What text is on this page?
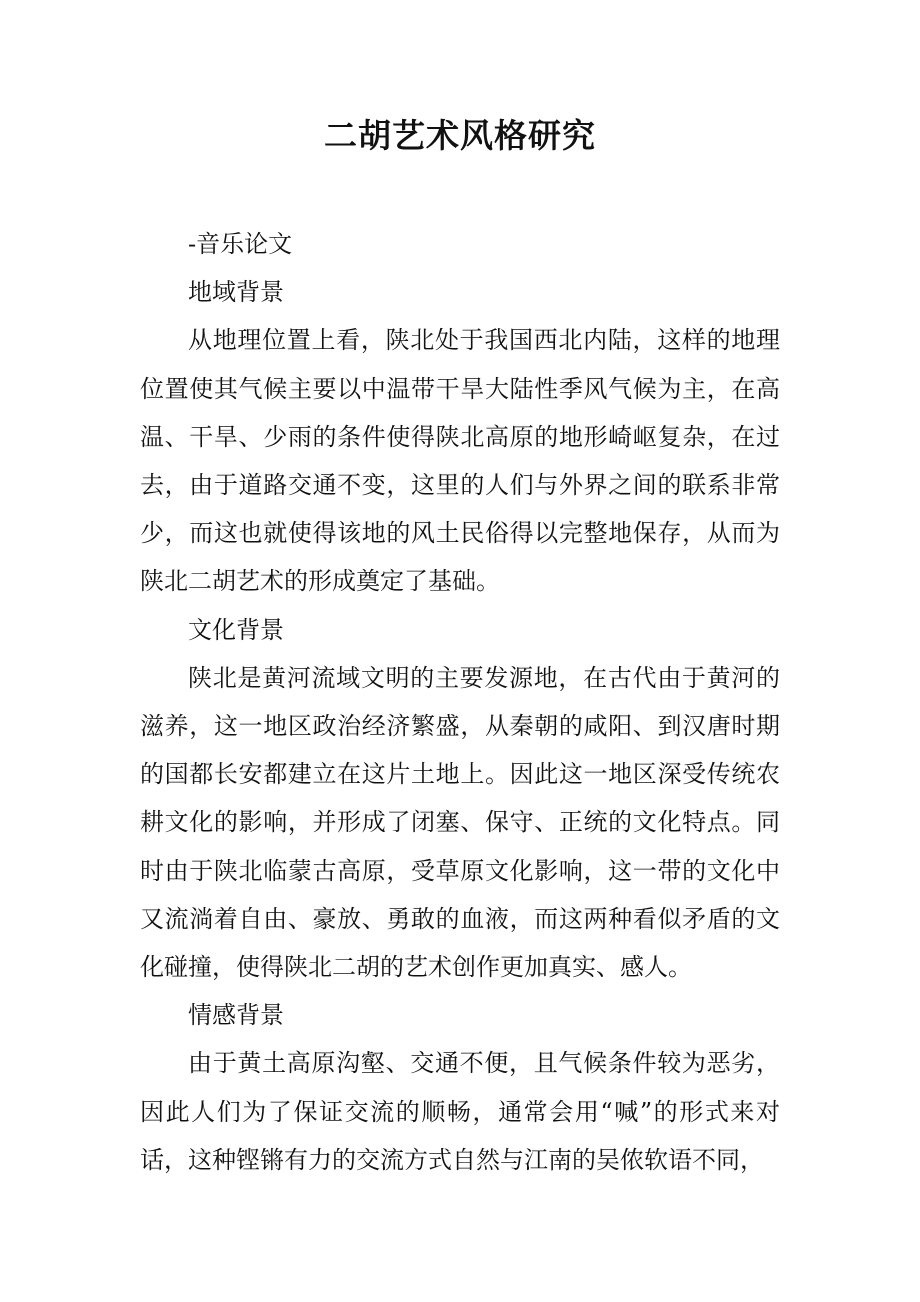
二胡艺术风格研究

-音乐论文

地域背景

从地理位置上看，陕北处于我国西北内陆，这样的地理位置使其气候主要以中温带干旱大陆性季风气候为主，在高温、干旱、少雨的条件使得陕北高原的地形崎岖复杂，在过去，由于道路交通不变，这里的人们与外界之间的联系非常少，而这也就使得该地的风土民俗得以完整地保存，从而为陕北二胡艺术的形成奠定了基础。

文化背景

陕北是黄河流域文明的主要发源地，在古代由于黄河的滋养，这一地区政治经济繁盛，从秦朝的咸阳、到汉唐时期的国都长安都建立在这片土地上。因此这一地区深受传统农耕文化的影响，并形成了闭塞、保守、正统的文化特点。同时由于陕北临蒙古高原，受草原文化影响，这一带的文化中又流淌着自由、豪放、勇敢的血液，而这两种看似矛盾的文化碰撞，使得陕北二胡的艺术创作更加真实、感人。

情感背景

由于黄土高原沟壑、交通不便，且气候条件较为恶劣，因此人们为了保证交流的顺畅，通常会用“喊”的形式来对话，这种铿锵有力的交流方式自然与江南的吴侬软语不同，
